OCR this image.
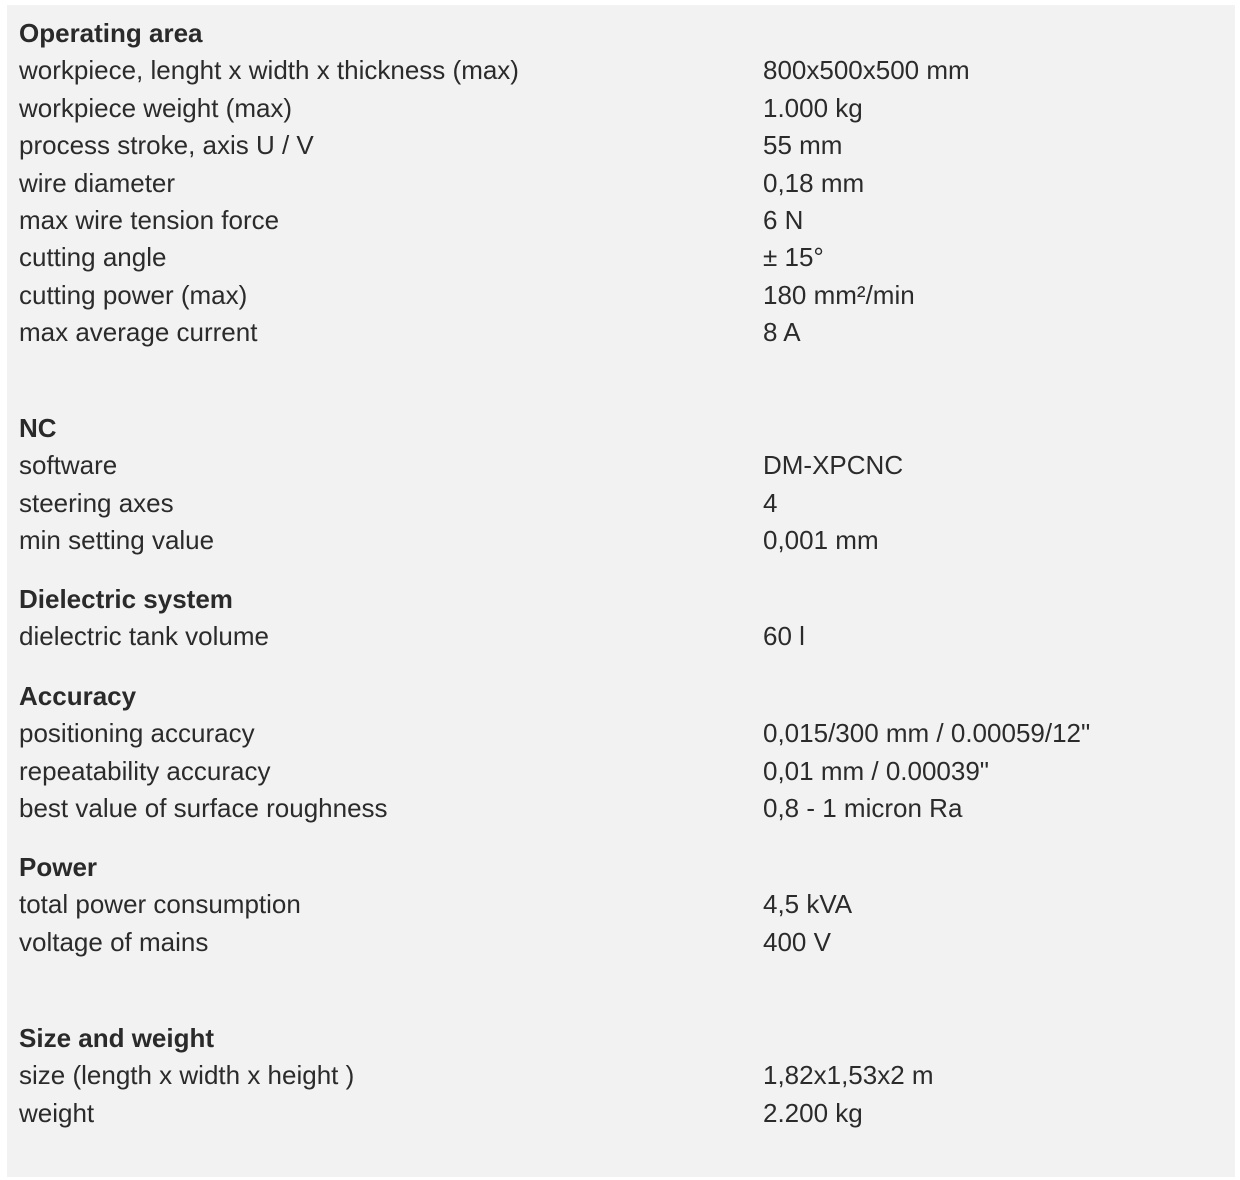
Operating area
workpiece, lenght x width x thickness (max)	800x500x500 mm
workpiece weight (max)	1.000 kg
process stroke, axis U / V	55 mm
wire diameter	0,18 mm
max wire tension force	6 N
cutting angle	± 15°
cutting power (max)	180 mm²/min
max average current	8 A
NC
software	DM-XPCNC
steering axes	4
min setting value	0,001 mm
Dielectric system
dielectric tank volume	60 l
Accuracy
positioning accuracy	0,015/300 mm / 0.00059/12"
repeatability accuracy	0,01 mm / 0.00039"
best value of surface roughness	0,8 - 1 micron Ra
Power
total power consumption	4,5 kVA
voltage of mains	400 V
Size and weight
size (length x width x height )	1,82x1,53x2 m
weight	2.200 kg
